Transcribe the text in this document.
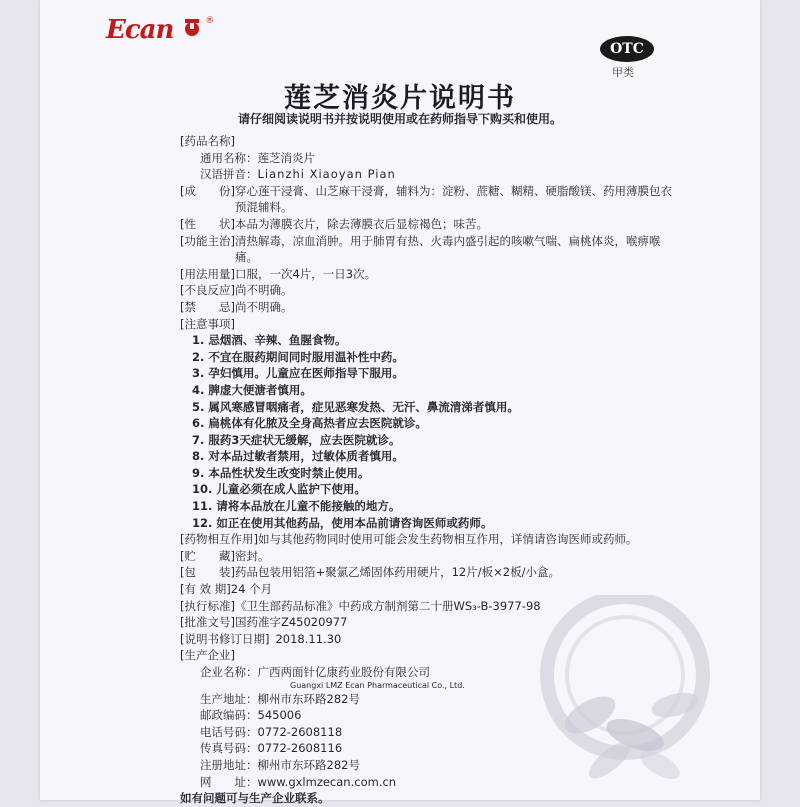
Ecan	®
OTC
甲类
莲芝消炎片说明书
请仔细阅读说明书并按说明使用或在药师指导下购买和使用。
[药品名称]
通用名称： 莲芝消炎片
汉语拼音： Lianzhi Xiaoyan Pian
[成　　份] 穿心莲干浸膏、山芝麻干浸膏，辅料为：淀粉、蔗糖、糊精、硬脂酸镁、药用薄膜包衣预混辅料。
[性　　状] 本品为薄膜衣片，除去薄膜衣后显棕褐色；味苦。
[功能主治] 清热解毒，凉血消肿。用于肺胃有热、火毒内盛引起的咳嗽气喘、扁桃体炎，喉痹喉痛。
[用法用量] 口服，一次4片，一日3次。
[不良反应] 尚不明确。
[禁　　忌] 尚不明确。
[注意事项]
1. 忌烟酒、辛辣、鱼腥食物。
2. 不宜在服药期间同时服用温补性中药。
3. 孕妇慎用。儿童应在医师指导下服用。
4. 脾虚大便溏者慎用。
5. 属风寒感冒咽痛者，症见恶寒发热、无汗、鼻流清涕者慎用。
6. 扁桃体有化脓及全身高热者应去医院就诊。
7. 服药3天症状无缓解，应去医院就诊。
8. 对本品过敏者禁用，过敏体质者慎用。
9. 本品性状发生改变时禁止使用。
10. 儿童必须在成人监护下使用。
11. 请将本品放在儿童不能接触的地方。
12. 如正在使用其他药品，使用本品前请咨询医师或药师。
[药物相互作用] 如与其他药物同时使用可能会发生药物相互作用，详情请咨询医师或药师。
[贮　　藏] 密封。
[包　　装] 药品包装用铝箔+聚氯乙烯固体药用硬片，12片/板×2板/小盒。
[有 效 期] 24 个月
[执行标准] 《卫生部药品标准》中药成方制剂第二十册WS₃-B-3977-98
[批准文号] 国药准字Z45020977
[说明书修订日期] 2018.11.30
[生产企业]
企业名称： 广西两面针亿康药业股份有限公司
Guangxi LMZ Ecan Pharmaceutical Co., Ltd.
生产地址： 柳州市东环路282号
邮政编码： 545006
电话号码： 0772-2608118
传真号码： 0772-2608116
注册地址： 柳州市东环路282号
网　　址： www.gxlmzecan.com.cn
如有问题可与生产企业联系。
